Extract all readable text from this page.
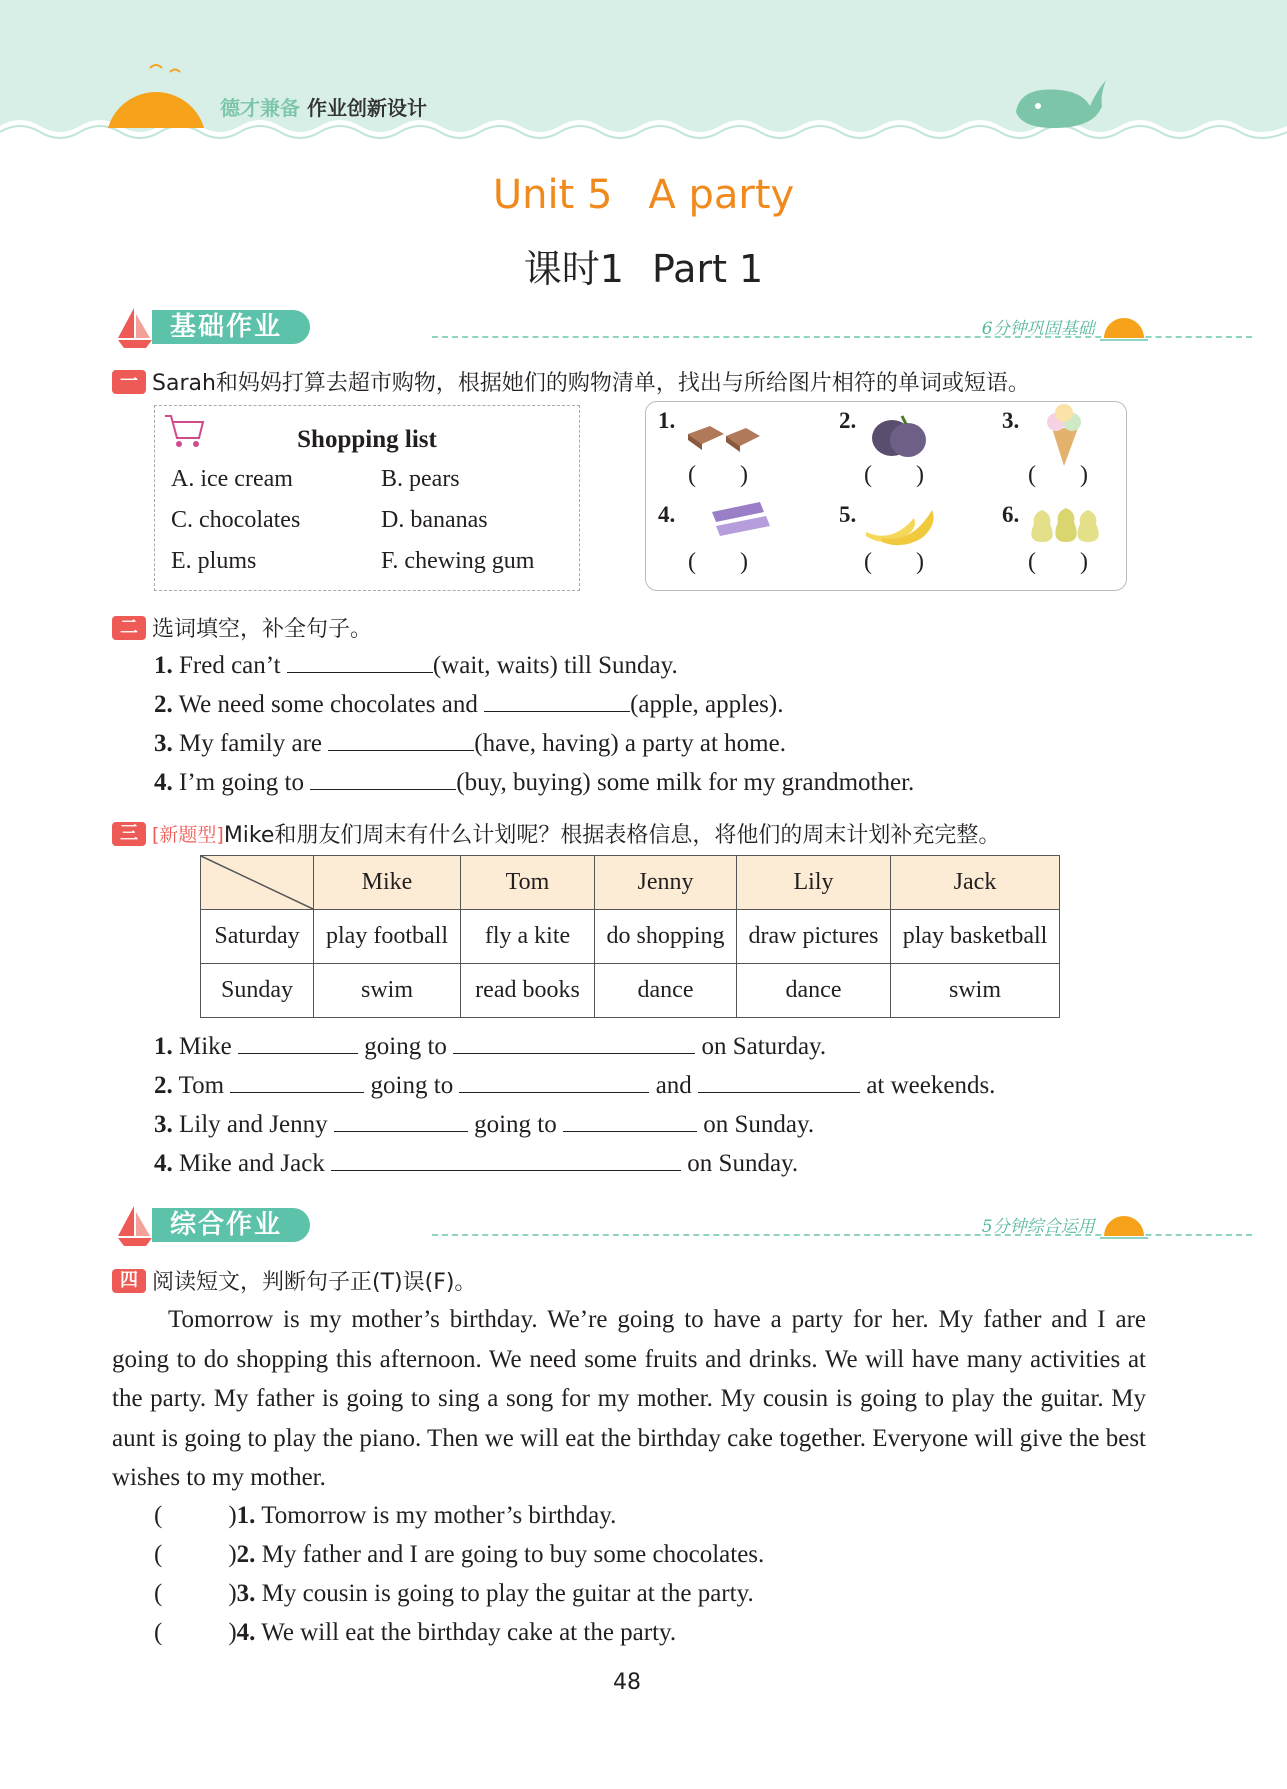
德才兼备 作业创新设计
Unit 5 A party
课时1 Part 1
基础作业	6分钟巩固基础
一 Sarah和妈妈打算去超市购物，根据她们的购物清单，找出与所给图片相符的单词或短语。
Shopping list
A. ice cream	B. pears
C. chocolates	D. bananas
E. plums	F. chewing gum
1.
( )
2.
( )
3.
( )
4.
( )
5.
( )
6.
( )
二 选词填空，补全句子。
1. Fred can’t	(wait, waits) till Sunday.
2. We need some chocolates and	(apple, apples).
3. My family are	(have, having) a party at home.
4. I’m going to	(buy, buying) some milk for my grandmother.
三 [新题型]Mike和朋友们周末有什么计划呢？根据表格信息，将他们的周末计划补充完整。
	Mike	Tom	Jenny	Lily	Jack
Saturday	play football	fly a kite	do shopping	draw pictures	play basketball
Sunday	swim	read books	dance	dance	swim
1. Mike	going to	on Saturday.
2. Tom	going to	and	at weekends.
3. Lily and Jenny	going to	on Sunday.
4. Mike and Jack	on Sunday.
综合作业	5分钟综合运用
四 阅读短文，判断句子正(T)误(F)。
Tomorrow is my mother’s birthday. We’re going to have a party for her. My father and I are going to do shopping this afternoon. We need some fruits and drinks. We will have many activities at the party. My father is going to sing a song for my mother. My cousin is going to play the guitar. My aunt is going to play the piano. Then we will eat the birthday cake together. Everyone will give the best wishes to my mother.
(	)1. Tomorrow is my mother’s birthday.
(	)2. My father and I are going to buy some chocolates.
(	)3. My cousin is going to play the guitar at the party.
(	)4. We will eat the birthday cake at the party.
48
